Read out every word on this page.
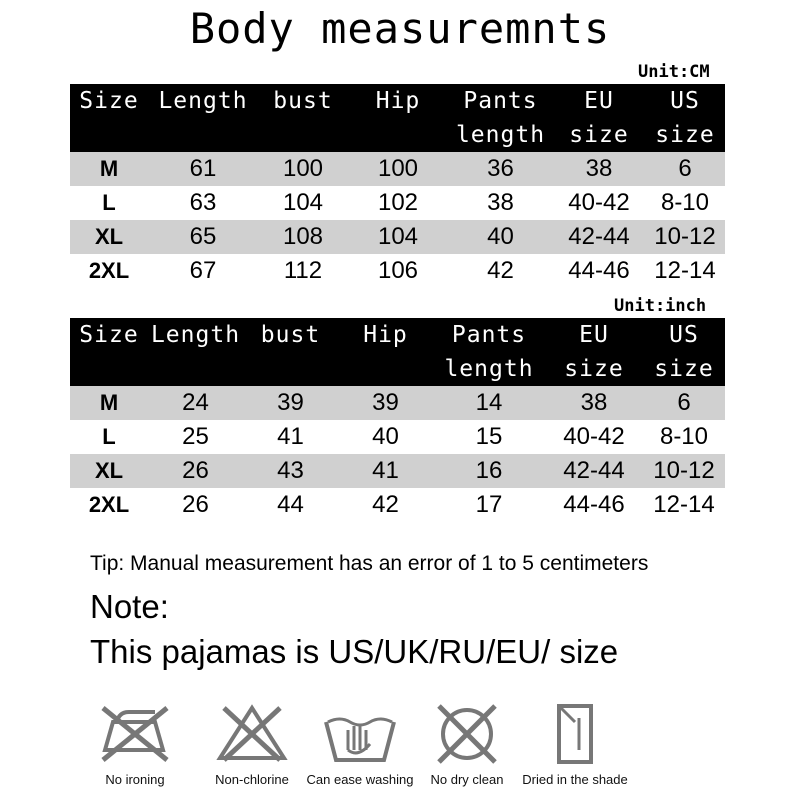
Body measuremnts
Unit:CM
Size	Length	bust	Hip	Pants	EU	US
				length	size	size
M	61	100	100	36	38	6
L	63	104	102	38	40-42	8-10
XL	65	108	104	40	42-44	10-12
2XL	67	112	106	42	44-46	12-14
Unit:inch
Size	Length	bust	Hip	Pants	EU	US
				length	size	size
M	24	39	39	14	38	6
L	25	41	40	15	40-42	8-10
XL	26	43	41	16	42-44	10-12
2XL	26	44	42	17	44-46	12-14
Tip: Manual measurement has an error of 1 to 5 centimeters
Note:
This pajamas is US/UK/RU/EU/ size
No ironing	Non-chlorine	Can ease washing	No dry clean	Dried in the shade
